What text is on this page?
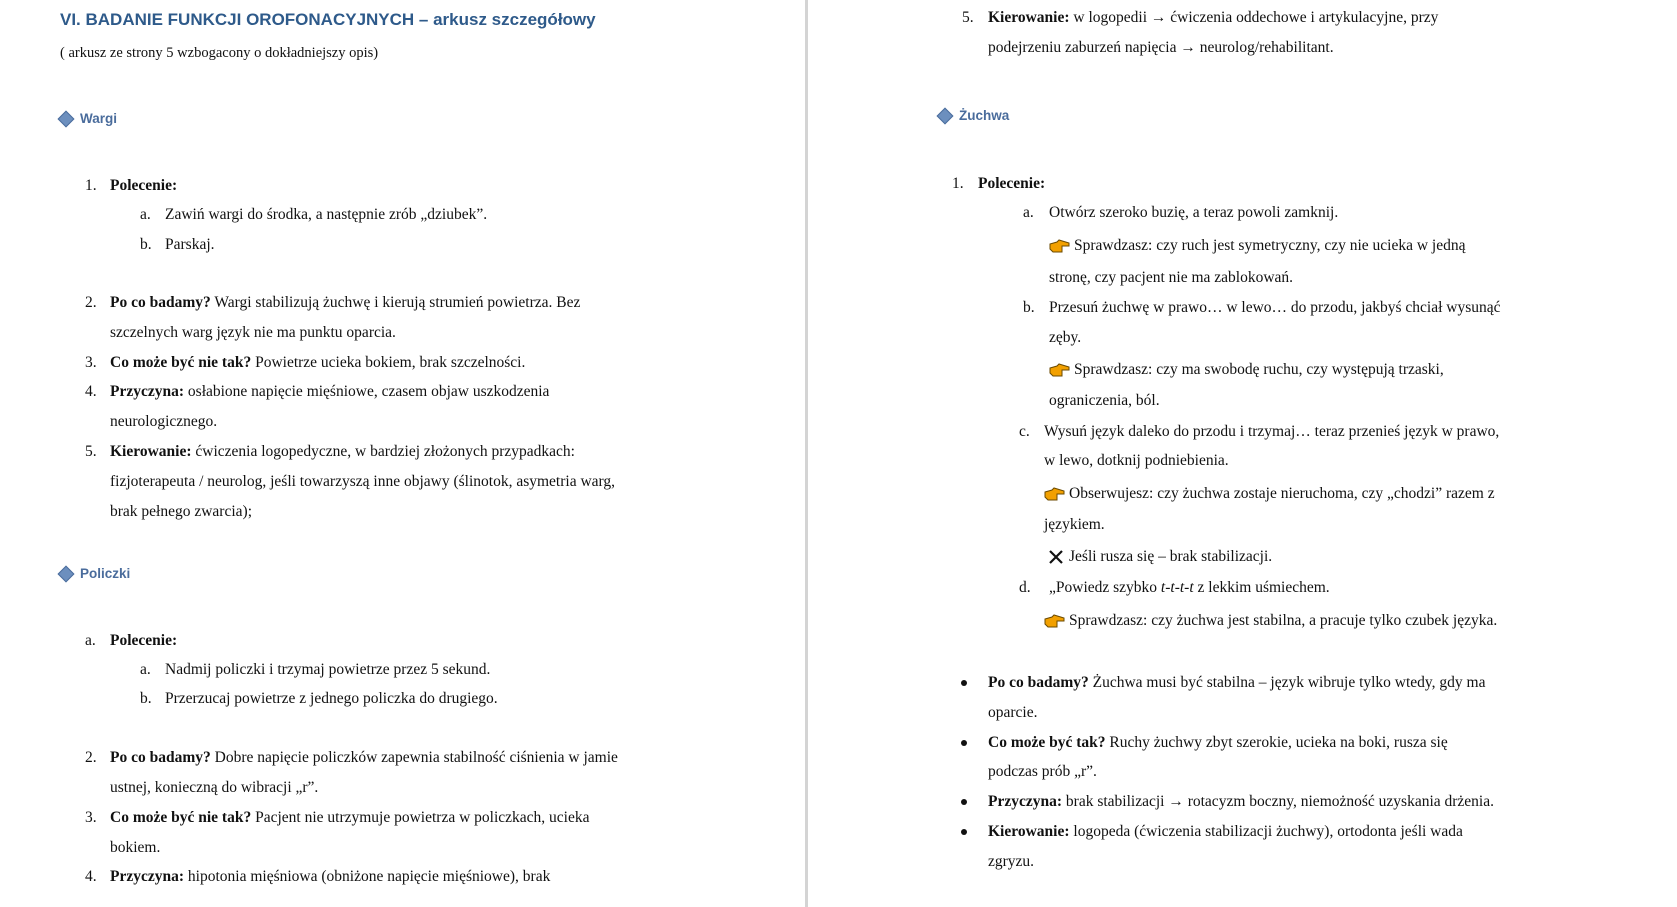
VI. BADANIE FUNKCJI OROFONACYJNYCH – arkusz szczegółowy
( arkusz ze strony 5 wzbogacony o dokładniejszy opis)
Wargi
1. Polecenie:
a. Zawiń wargi do środka, a następnie zrób „dziubek”.
b. Parskaj.
2. Po co badamy? Wargi stabilizują żuchwę i kierują strumień powietrza. Bez
szczelnych warg język nie ma punktu oparcia.
3. Co może być nie tak? Powietrze ucieka bokiem, brak szczelności.
4. Przyczyna: osłabione napięcie mięśniowe, czasem objaw uszkodzenia
neurologicznego.
5. Kierowanie: ćwiczenia logopedyczne, w bardziej złożonych przypadkach:
fizjoterapeuta / neurolog, jeśli towarzyszą inne objawy (ślinotok, asymetria warg,
brak pełnego zwarcia);
Policzki
a. Polecenie:
a. Nadmij policzki i trzymaj powietrze przez 5 sekund.
b. Przerzucaj powietrze z jednego policzka do drugiego.
2. Po co badamy? Dobre napięcie policzków zapewnia stabilność ciśnienia w jamie
ustnej, konieczną do wibracji „r”.
3. Co może być nie tak? Pacjent nie utrzymuje powietrza w policzkach, ucieka
bokiem.
4. Przyczyna: hipotonia mięśniowa (obniżone napięcie mięśniowe), brak
5. Kierowanie: w logopedii → ćwiczenia oddechowe i artykulacyjne, przy
podejrzeniu zaburzeń napięcia → neurolog/rehabilitant.
Żuchwa
1. Polecenie:
a. Otwórz szeroko buzię, a teraz powoli zamknij.
Sprawdzasz: czy ruch jest symetryczny, czy nie ucieka w jedną
stronę, czy pacjent nie ma zablokowań.
b. Przesuń żuchwę w prawo… w lewo… do przodu, jakbyś chciał wysunąć
zęby.
Sprawdzasz: czy ma swobodę ruchu, czy występują trzaski,
ograniczenia, ból.
c. Wysuń język daleko do przodu i trzymaj… teraz przenieś język w prawo,
w lewo, dotknij podniebienia.
Obserwujesz: czy żuchwa zostaje nieruchoma, czy „chodzi” razem z
językiem.
Jeśli rusza się – brak stabilizacji.
d. „Powiedz szybko t-t-t-t z lekkim uśmiechem.
Sprawdzasz: czy żuchwa jest stabilna, a pracuje tylko czubek języka.
Po co badamy? Żuchwa musi być stabilna – język wibruje tylko wtedy, gdy ma
oparcie.
Co może być tak? Ruchy żuchwy zbyt szerokie, ucieka na boki, rusza się
podczas prób „r”.
Przyczyna: brak stabilizacji → rotacyzm boczny, niemożność uzyskania drżenia.
Kierowanie: logopeda (ćwiczenia stabilizacji żuchwy), ortodonta jeśli wada
zgryzu.
